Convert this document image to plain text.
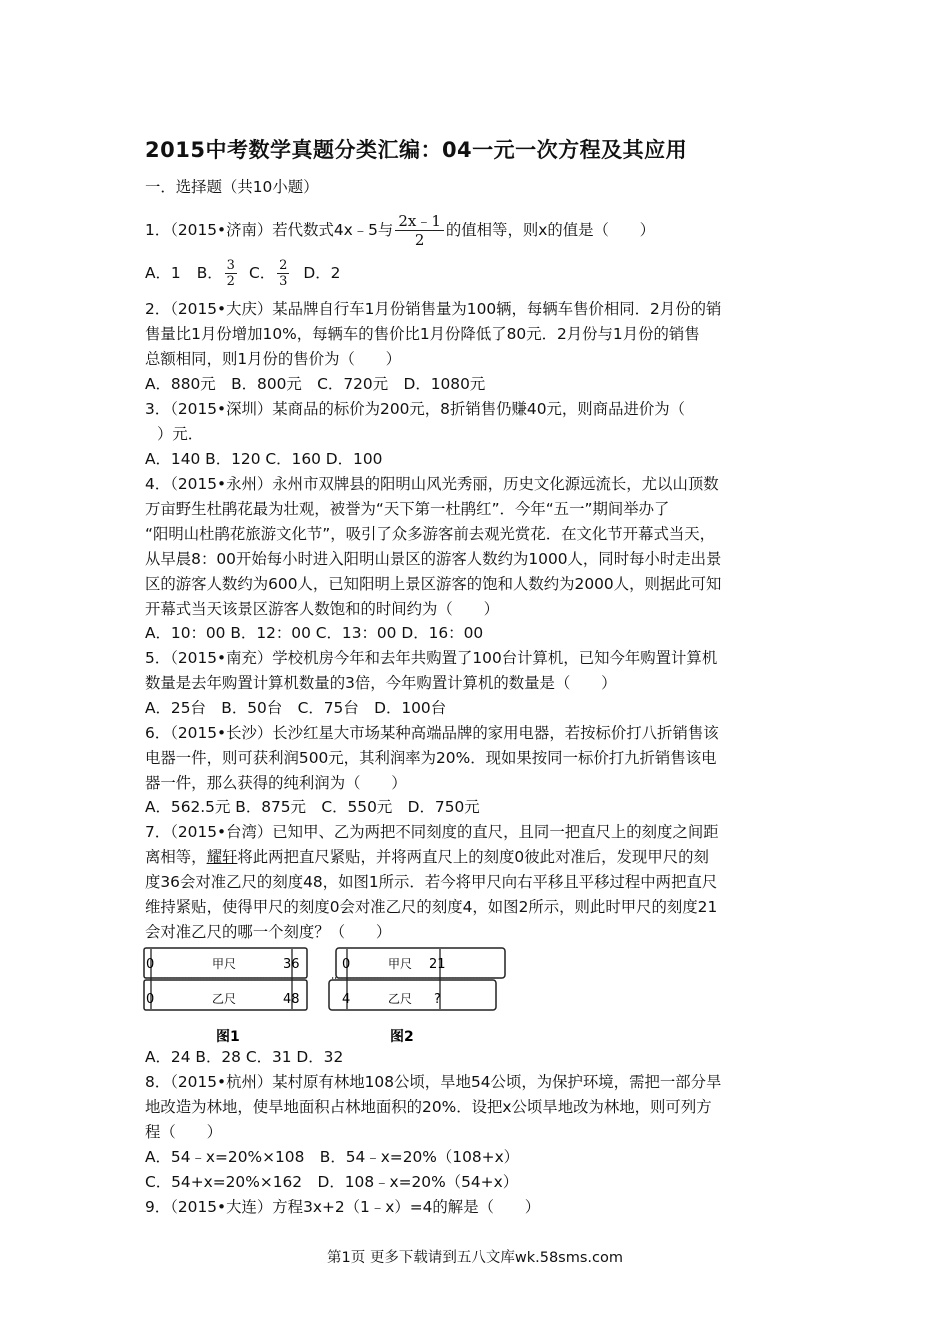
2015中考数学真题分类汇编：04一元一次方程及其应用
一．选择题（共10小题）
1．（2015•济南）若代数式4x﹣5与 $\frac{2x﹣1}{2}$ 的值相等，则x的值是（　　）
A．1 B． $\frac{3}{2}$ C． $\frac{2}{3}$ D．2
2．（2015•大庆）某品牌自行车1月份销售量为100辆，每辆车售价相同．2月份的销
售量比1月份增加10%，每辆车的售价比1月份降低了80元．2月份与1月份的销售
总额相同，则1月份的售价为（　　）
A．880元　B．800元　C．720元　D．1080元
3．（2015•深圳）某商品的标价为200元，8折销售仍赚40元，则商品进价为（
）元．
A．140 B．120 C．160 D．100
4．（2015•永州）永州市双牌县的阳明山风光秀丽，历史文化源远流长，尤以山顶数
万亩野生杜鹃花最为壮观，被誉为“天下第一杜鹃红”．今年“五一”期间举办了
“阳明山杜鹃花旅游文化节”，吸引了众多游客前去观光赏花．在文化节开幕式当天，
从早晨8：00开始每小时进入阳明山景区的游客人数约为1000人，同时每小时走出景
区的游客人数约为600人，已知阳明上景区游客的饱和人数约为2000人，则据此可知
开幕式当天该景区游客人数饱和的时间约为（　　）
A．10：00 B．12：00 C．13：00 D．16：00
5．（2015•南充）学校机房今年和去年共购置了100台计算机，已知今年购置计算机
数量是去年购置计算机数量的3倍，今年购置计算机的数量是（　　）
A．25台　B．50台　C．75台　D．100台
6．（2015•长沙）长沙红星大市场某种高端品牌的家用电器，若按标价打八折销售该
电器一件，则可获利润500元，其利润率为20%．现如果按同一标价打九折销售该电
器一件，那么获得的纯利润为（　　）
A．562.5元 B．875元　C．550元　D．750元
7．（2015•台湾）已知甲、乙为两把不同刻度的直尺，且同一把直尺上的刻度之间距
离相等，耀轩将此两把直尺紧贴，并将两直尺上的刻度0彼此对准后，发现甲尺的刻
度36会对准乙尺的刻度48，如图1所示．若今将甲尺向右平移且平移过程中两把直尺
维持紧贴，使得甲尺的刻度0会对准乙尺的刻度4，如图2所示，则此时甲尺的刻度21
会对准乙尺的哪一个刻度？（　　）
0	甲尺	36
0	乙尺	48
图1
0	甲尺 21
4	乙尺 ?
图2
A．24 B．28 C．31 D．32
8．（2015•杭州）某村原有林地108公顷，旱地54公顷，为保护环境，需把一部分旱
地改造为林地，使旱地面积占林地面积的20%．设把x公顷旱地改为林地，则可列方
程（　　）
A．54﹣x=20%×108　B．54﹣x=20%（108+x）
C．54+x=20%×162　D．108﹣x=20%（54+x）
9．（2015•大连）方程3x+2（1﹣x）=4的解是（　　）
第1页 更多下载请到五八文库wk.58sms.com
